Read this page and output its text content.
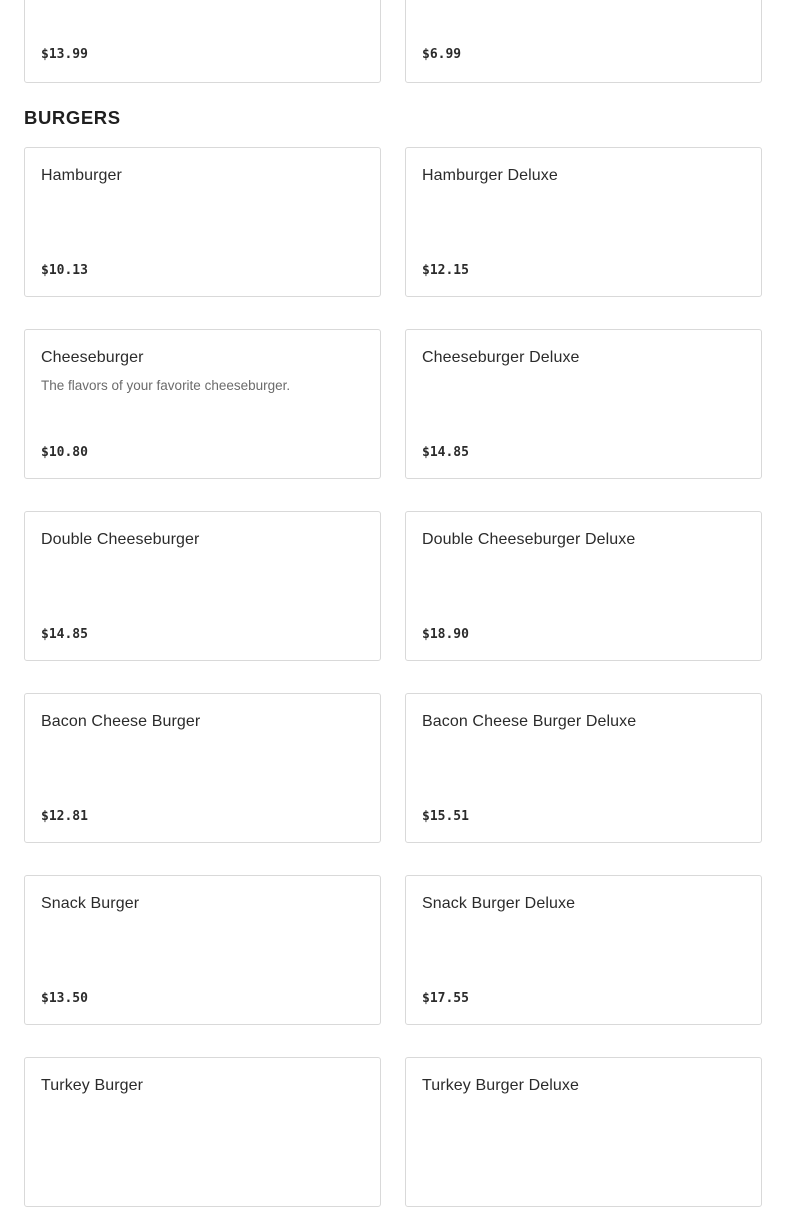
$13.99	$6.99
BURGERS
Hamburger
$10.13
Hamburger Deluxe
$12.15
Cheeseburger
The flavors of your favorite cheeseburger.
$10.80
Cheeseburger Deluxe
$14.85
Double Cheeseburger
$14.85
Double Cheeseburger Deluxe
$18.90
Bacon Cheese Burger
$12.81
Bacon Cheese Burger Deluxe
$15.51
Snack Burger
$13.50
Snack Burger Deluxe
$17.55
Turkey Burger	Turkey Burger Deluxe
